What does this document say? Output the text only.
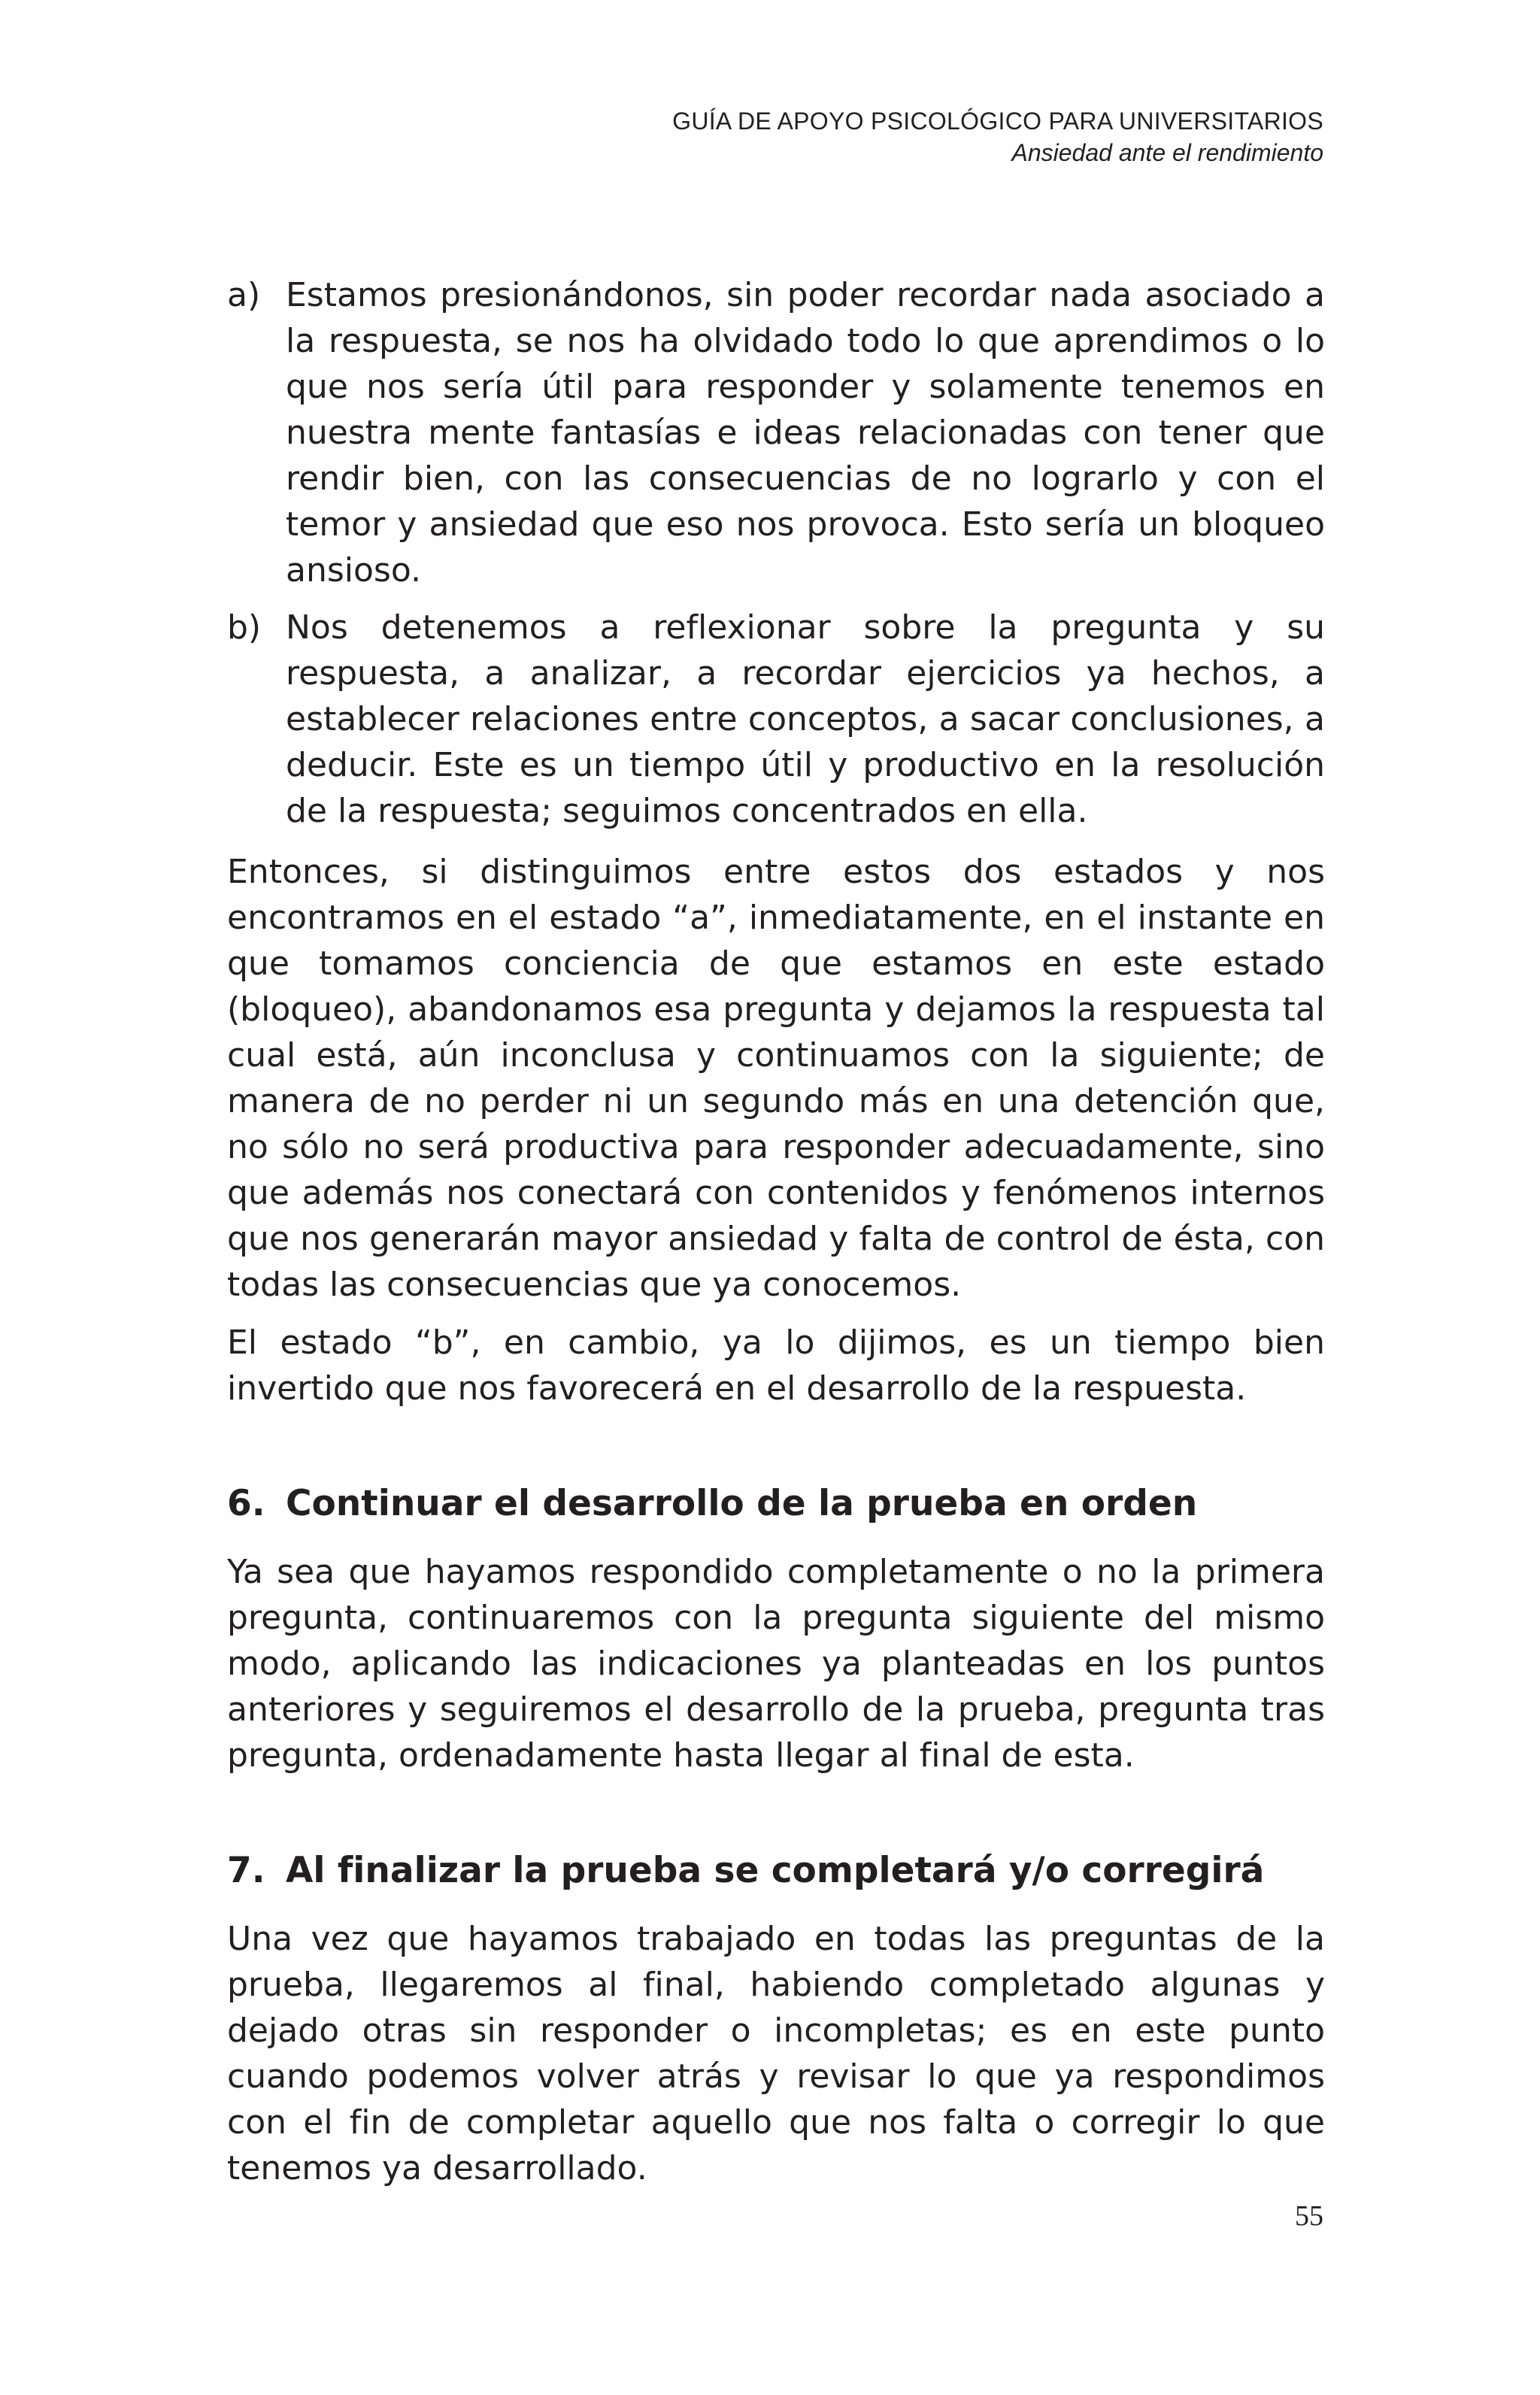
GUÍA DE APOYO PSICOLÓGICO PARA UNIVERSITARIOS
Ansiedad ante el rendimiento
a) Estamos presionándonos, sin poder recordar nada asociado a la respuesta, se nos ha olvidado todo lo que aprendimos o lo que nos sería útil para responder y solamente tenemos en nuestra mente fantasías e ideas relacionadas con tener que rendir bien, con las consecuencias de no lograrlo y con el temor y ansiedad que eso nos provoca. Esto sería un bloqueo ansioso.
b) Nos detenemos a reflexionar sobre la pregunta y su respuesta, a analizar, a recordar ejercicios ya hechos, a establecer relaciones entre conceptos, a sacar conclusiones, a deducir. Este es un tiempo útil y productivo en la resolución de la respuesta; seguimos concentrados en ella.

Entonces, si distinguimos entre estos dos estados y nos encontramos en el estado “a”, inmediatamente, en el instante en que tomamos conciencia de que estamos en este estado (bloqueo), abandonamos esa pregunta y dejamos la respuesta tal cual está, aún inconclusa y continuamos con la siguiente; de manera de no perder ni un segundo más en una detención que, no sólo no será productiva para responder adecuadamente, sino que además nos conectará con contenidos y fenómenos internos que nos generarán mayor ansiedad y falta de control de ésta, con todas las consecuencias que ya conocemos.

El estado “b”, en cambio, ya lo dijimos, es un tiempo bien invertido que nos favorecerá en el desarrollo de la respuesta.

6. Continuar el desarrollo de la prueba en orden

Ya sea que hayamos respondido completamente o no la primera pregunta, continuaremos con la pregunta siguiente del mismo modo, aplicando las indicaciones ya planteadas en los puntos anteriores y seguiremos el desarrollo de la prueba, pregunta tras pregunta, ordenadamente hasta llegar al final de esta.

7. Al finalizar la prueba se completará y/o corregirá

Una vez que hayamos trabajado en todas las preguntas de la prueba, llegaremos al final, habiendo completado algunas y dejado otras sin responder o incompletas; es en este punto cuando podemos volver atrás y revisar lo que ya respondimos con el fin de completar aquello que nos falta o corregir lo que tenemos ya desarrollado.

55
